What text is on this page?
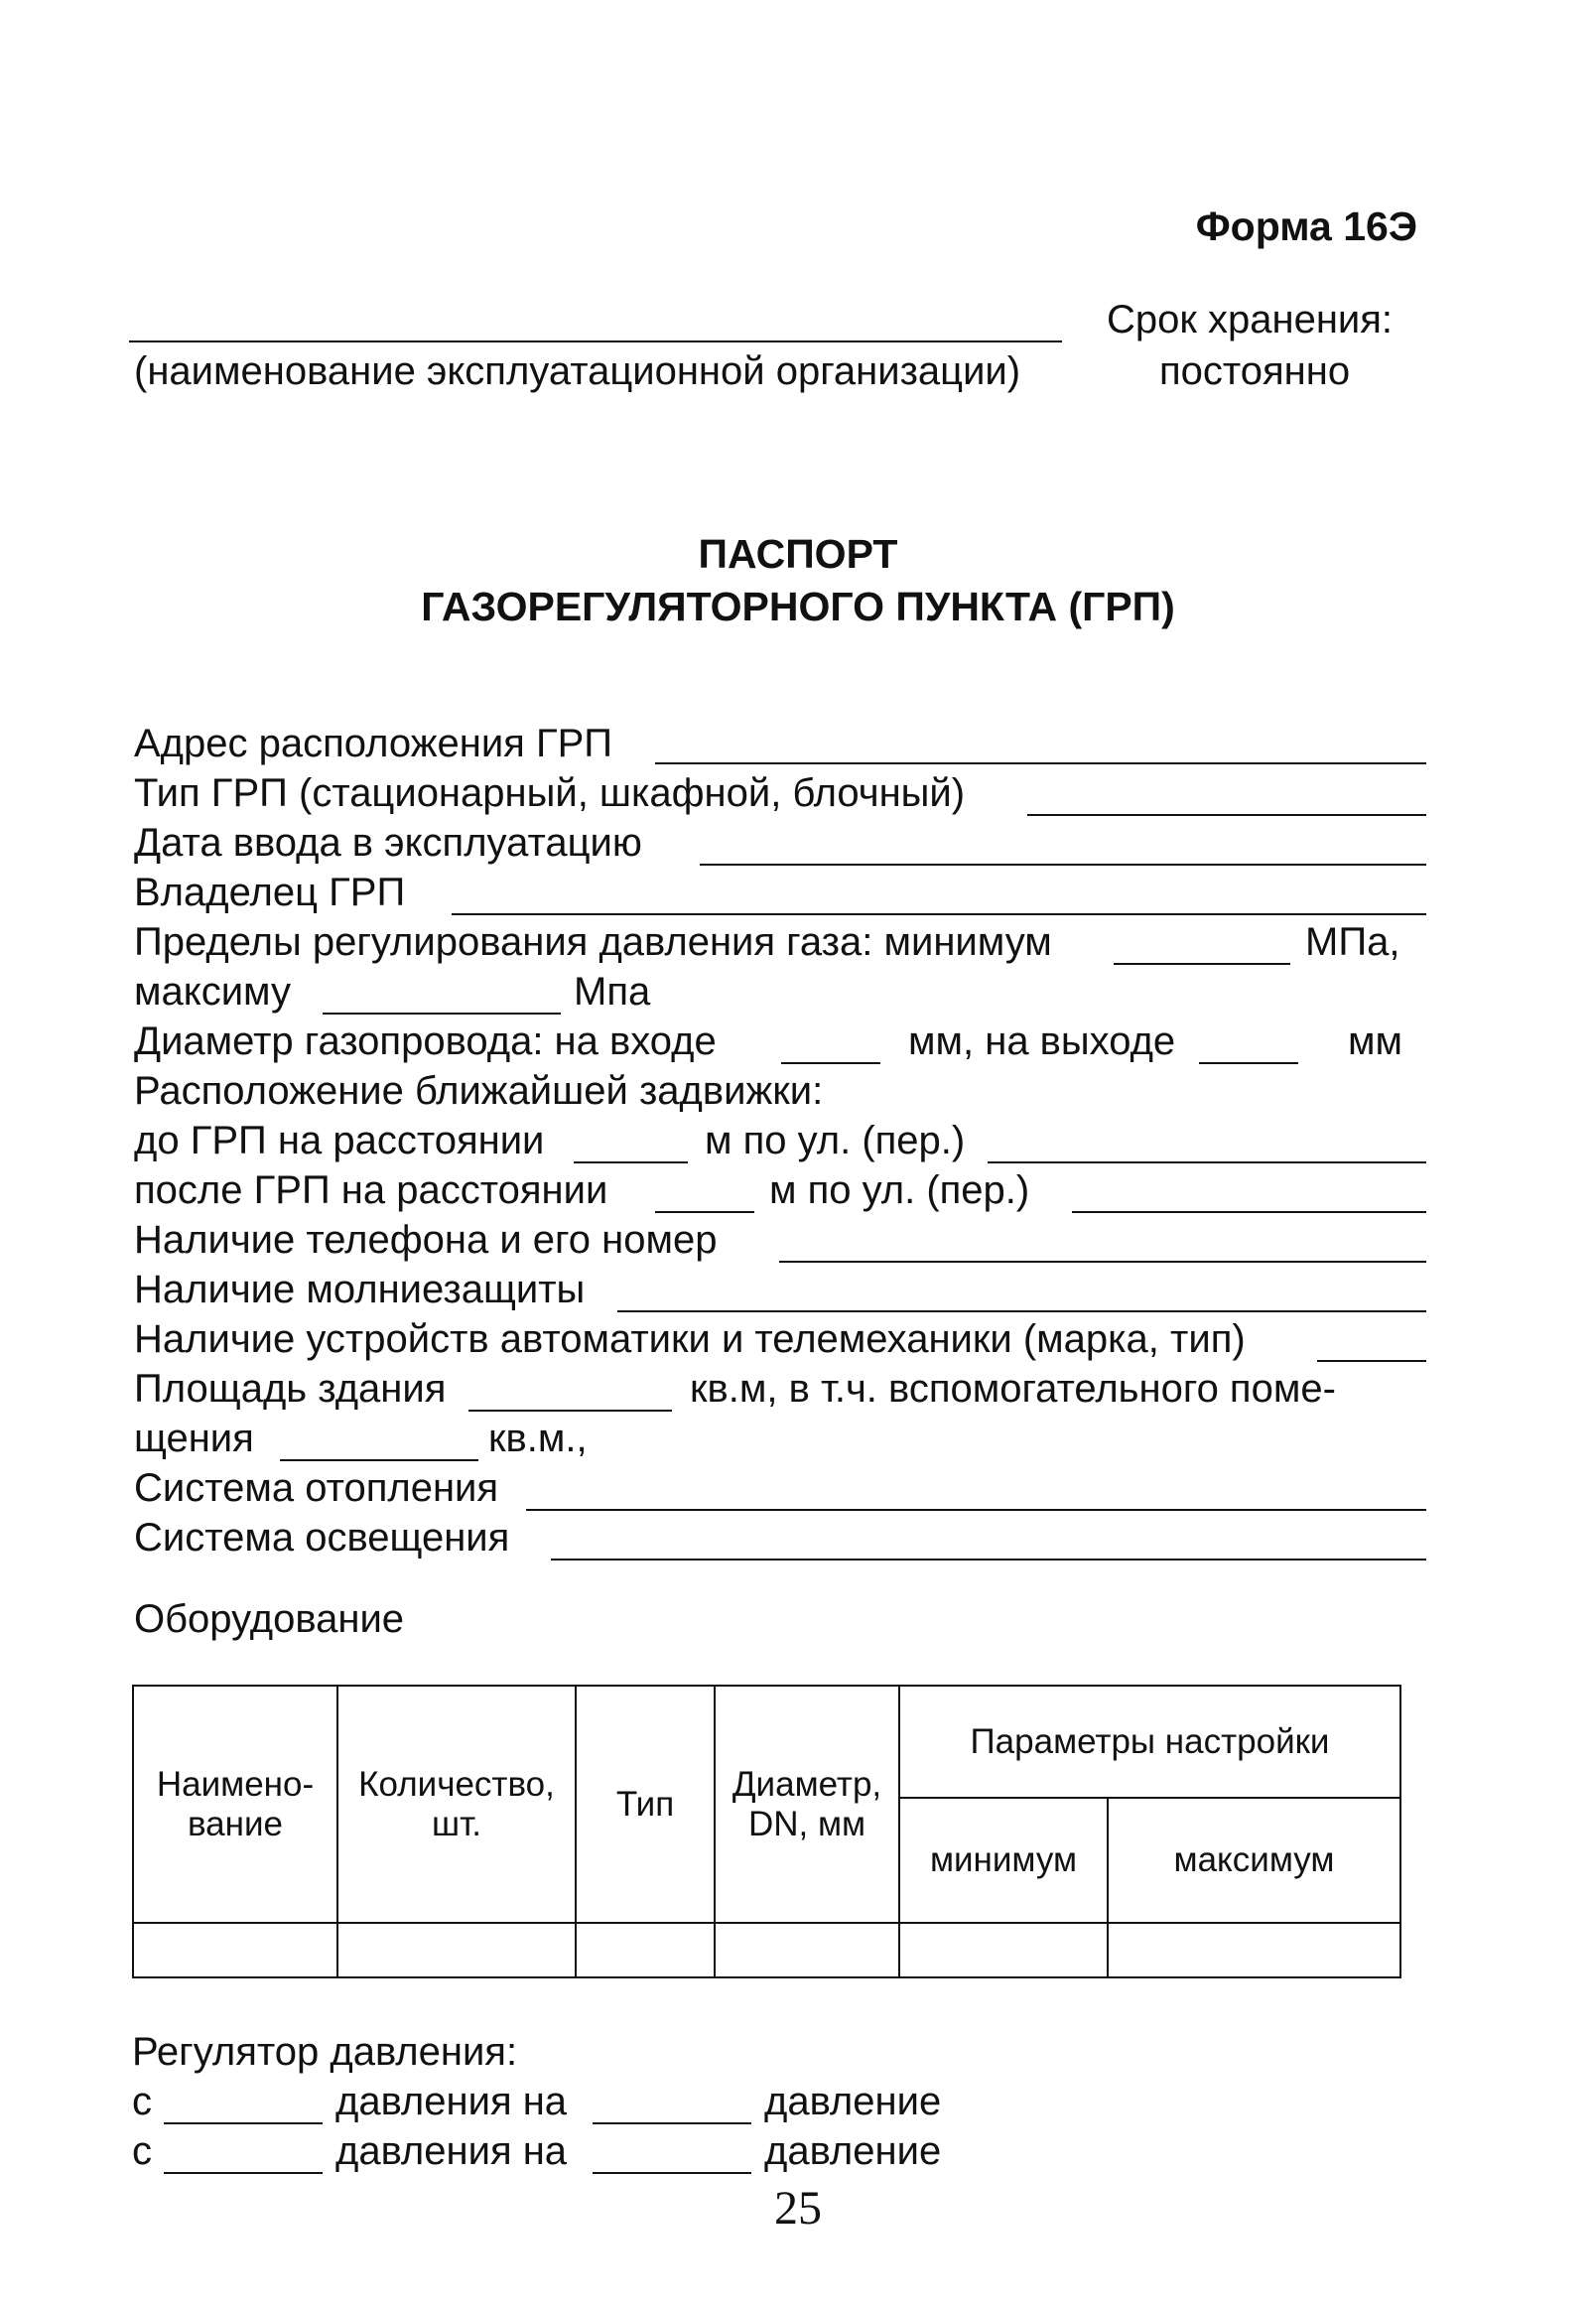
Форма 16Э
Срок хранения:
(наименование эксплуатационной организации)	постоянно
ПАСПОРТ
ГАЗОРЕГУЛЯТОРНОГО ПУНКТА (ГРП)
Адрес расположения ГРП
Тип ГРП (стационарный, шкафной, блочный)
Дата ввода в эксплуатацию
Владелец ГРП
Пределы регулирования давления газа: минимум	МПа,
максиму	Мпа
Диаметр газопровода: на входе	мм, на выходе	мм
Расположение ближайшей задвижки:
до ГРП на расстоянии	м по ул. (пер.)
после ГРП на расстоянии	м по ул. (пер.)
Наличие телефона и его номер
Наличие молниезащиты
Наличие устройств автоматики и телемеханики (марка, тип)
Площадь здания	кв.м, в т.ч. вспомогательного поме-
щения	кв.м.,
Система отопления
Система освещения
Оборудование
Наимено- вание	Количество, шт.	Тип	Диаметр, DN, мм	Параметры настройки	
				минимум	максимум

Регулятор давления:
с	давления на	давление
с	давления на	давление
25
